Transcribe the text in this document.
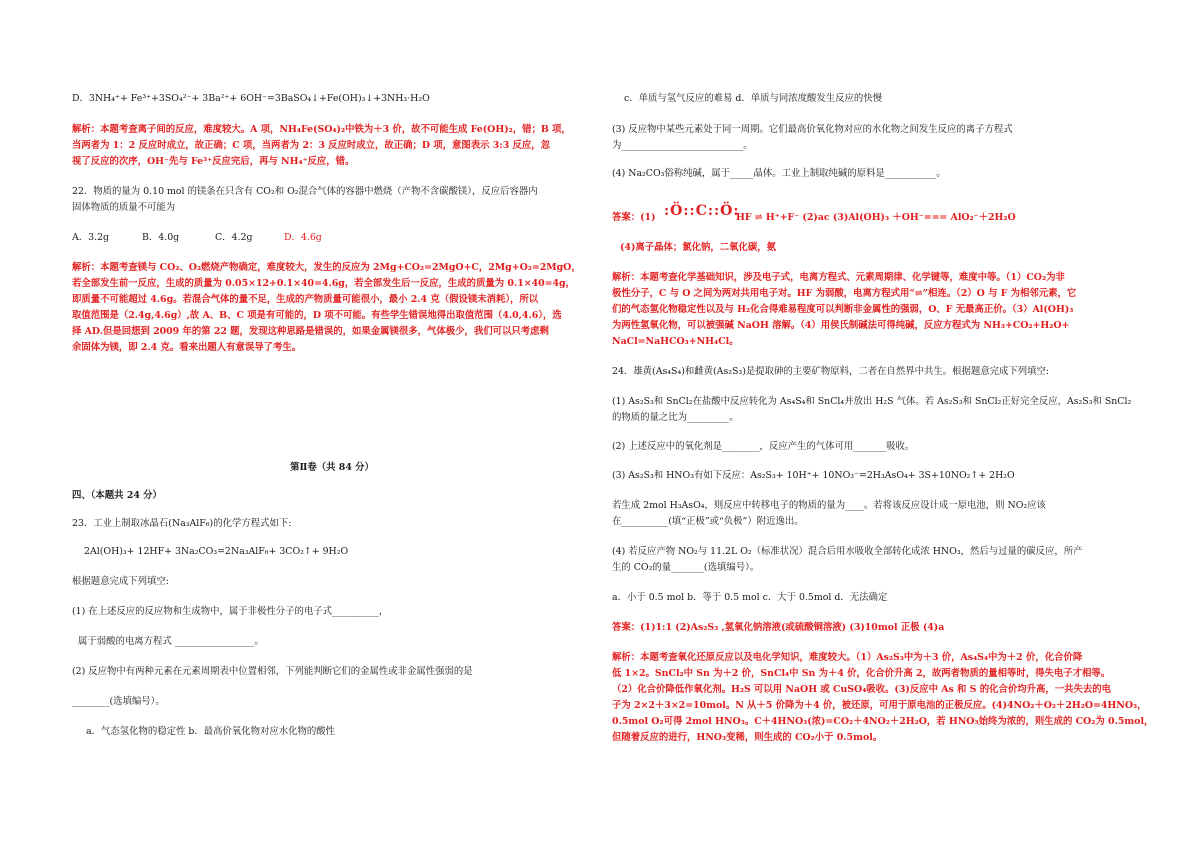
D．3NH₄⁺+ Fe³⁺+3SO₄²⁻+ 3Ba²⁺+ 6OH⁻=3BaSO₄↓+Fe(OH)₃↓+3NH₃·H₂O
解析：本题考查离子间的反应，难度较大。A 项，NH₄Fe(SO₄)₂中铁为＋3 价，故不可能生成 Fe(OH)₂，错；B 项，
当两者为 1：2 反应时成立，故正确；C 项，当两者为 2：3 反应时成立，故正确；D 项，意图表示 3:3 反应，忽
视了反应的次序，OH⁻先与 Fe³⁺反应完后，再与 NH₄⁺反应，错。
22．物质的量为 0.10 mol 的镁条在只含有 CO₂和 O₂混合气体的容器中燃烧（产物不含碳酸镁），反应后容器内
固体物质的质量不可能为
A．3.2g	B．4.0g	C．4.2g	D．4.6g
解析：本题考查镁与 CO₂、O₂燃烧产物确定，难度较大，发生的反应为 2Mg+CO₂=2MgO+C，2Mg+O₂=2MgO，
若全部发生前一反应，生成的质量为 0.05×12+0.1×40=4.6g，若全部发生后一反应，生成的质量为 0.1×40=4g，
即质量不可能超过 4.6g。若混合气体的量不足，生成的产物质量可能很小，最小 2.4 克（假设镁未消耗），所以
取值范围是（2.4g,4.6g）,故 A、B、C 项是有可能的，D 项不可能。有些学生错误地得出取值范围（4.0,4.6），选
择 AD.但是回想到 2009 年的第 22 题，发现这种思路是错误的，如果金属镁很多，气体极少，我们可以只考虑剩
余固体为镁，即 2.4 克。看来出题人有意误导了考生。
第Ⅱ卷（共 84 分）
四、（本题共 24 分）
23．工业上制取冰晶石(Na₃AlF₆)的化学方程式如下:
2Al(OH)₃+ 12HF+ 3Na₂CO₃=2Na₃AlF₆+ 3CO₂↑+ 9H₂O
根据题意完成下列填空:
(1) 在上述反应的反应物和生成物中，属于非极性分子的电子式__________，
属于弱酸的电离方程式 _________________。
(2) 反应物中有两种元素在元素周期表中位置相邻，下列能判断它们的金属性或非金属性强弱的是
________(选填编号）。
a．气态氢化物的稳定性 b．最高价氧化物对应水化物的酸性
c．单质与氢气反应的难易 d．单质与同浓度酸发生反应的快慢
(3) 反应物中某些元素处于同一周期。它们最高价氧化物对应的水化物之间发生反应的离子方程式
为__________________________。
(4) Na₂CO₃俗称纯碱，属于_____晶体。工业上制取纯碱的原料是___________。
答案：(1) :Ö::C::Ö:
HF ⇌ H⁺+F⁻ (2)ac (3)Al(OH)₃ ＋OH⁻=== AlO₂⁻＋2H₂O
(4)离子晶体；氯化钠，二氧化碳，氨
解析：本题考查化学基础知识，涉及电子式，电离方程式、元素周期律、化学键等，难度中等。（1）CO₂为非
极性分子，C 与 O 之间为两对共用电子对。HF 为弱酸，电离方程式用“⇌”相连。（2）O 与 F 为相邻元素，它
们的气态氢化物稳定性以及与 H₂化合得难易程度可以判断非金属性的强弱，O、F 无最高正价。（3）Al(OH)₃
为两性氢氧化物，可以被强碱 NaOH 溶解。（4）用侯氏制碱法可得纯碱，反应方程式为 NH₃+CO₂+H₂O+
NaCl=NaHCO₃+NH₄Cl。
24．雄黄(As₄S₄)和雌黄(As₂S₃)是提取砷的主要矿物原料，二者在自然界中共生。根据题意完成下列填空:
(1) As₂S₃和 SnCl₂在盐酸中反应转化为 As₄S₄和 SnCl₄并放出 H₂S 气体。若 As₂S₃和 SnCl₂正好完全反应，As₂S₃和 SnCl₂
的物质的量之比为_________。
(2) 上述反应中的氧化剂是________，反应产生的气体可用_______吸收。
(3) As₂S₃和 HNO₃有如下反应：As₂S₃+ 10H⁺+ 10NO₃⁻=2H₃AsO₄+ 3S+10NO₂↑+ 2H₂O
若生成 2mol H₃AsO₄，则反应中转移电子的物质的量为____。若将该反应设计成一原电池，则 NO₂应该
在__________(填“正极”或“负极”）附近逸出。
(4) 若反应产物 NO₂与 11.2L O₂（标准状况）混合后用水吸收全部转化成浓 HNO₃，然后与过量的碳反应，所产
生的 CO₂的量_______(选填编号）。
a．小于 0.5 mol b．等于 0.5 mol c．大于 0.5mol d．无法确定
答案：(1)1:1 (2)As₂S₃ ,氢氧化钠溶液(或硫酸铜溶液) (3)10mol 正极 (4)a
解析：本题考查氧化还原反应以及电化学知识，难度较大。（1）As₂S₃中为＋3 价，As₄S₄中为＋2 价，化合价降
低 1×2。SnCl₂中 Sn 为＋2 价，SnCl₄中 Sn 为＋4 价，化合价升高 2，故两者物质的量相等时，得失电子才相等。
（2）化合价降低作氧化剂。H₂S 可以用 NaOH 或 CuSO₄吸收。(3)反应中 As 和 S 的化合价均升高，一共失去的电
子为 2×2＋3×2=10mol。N 从＋5 价降为＋4 价，被还原，可用于原电池的正极反应。(4)4NO₂＋O₂＋2H₂O=4HNO₃，
0.5mol O₂可得 2mol HNO₃。C＋4HNO₃(浓)=CO₂＋4NO₂＋2H₂O，若 HNO₃始终为浓的，则生成的 CO₂为 0.5mol，
但随着反应的进行，HNO₃变稀，则生成的 CO₂小于 0.5mol。
